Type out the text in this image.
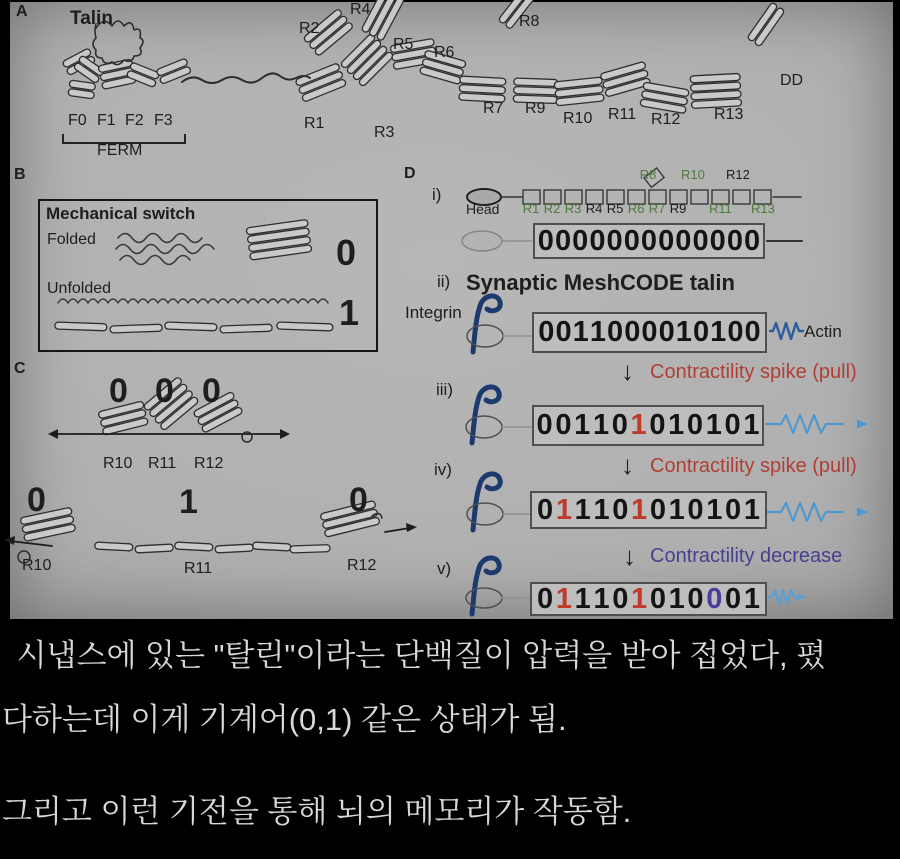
A Talin	R2
R4
R5 R6
R8
R1
R3
R7 R9
R10 R11 R12 R13
DD
F0 F1 F2 F3
FERM
B
Mechanical switch
Folded	0
Unfolded
1
C
0 0 0
R10 R11 R12
0	1	0
R10	R11	R12
D
i)
Head
R8 R10 R12
R1 R2 R3 R4 R5 R6 R7 R9 R11 R13
0 0 0 0 0 0 0 0 0 0 0 0 0
ii) Synaptic MeshCODE talin
Integrin
0 0 1 1 0 0 0 0 1 0 1 0 0	Actin
↓ Contractility spike (pull)
iii)
0 0 1 1 0 1 0 1 0 1 0 1
↓ Contractility spike (pull)
iv)
0 1 1 1 0 1 0 1 0 1 0 1
↓ Contractility decrease
v)
0 1 1 1 0 1 0 1 0 0 0 1
시냅스에 있는 "탈린"이라는 단백질이 압력을 받아 접었다, 폈
다하는데 이게 기계어(0,1) 같은 상태가 됨.
그리고 이런 기전을 통해 뇌의 메모리가 작동함.
